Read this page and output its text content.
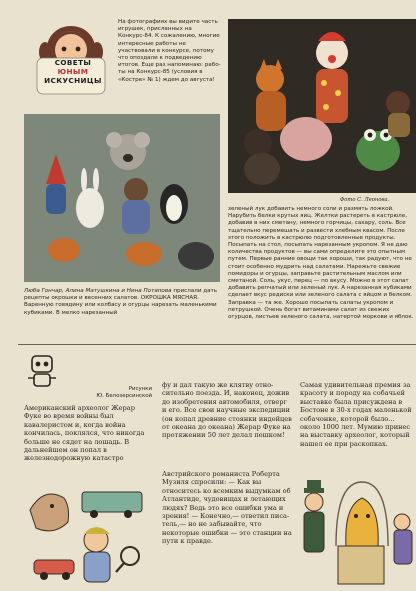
СОВЕТЫ
ЮНЫМ
ИСКУСНИЦЫ
На фотографиях вы видите часть игрушек, присланных на Конкурс-84. К сожалению, многие интересные работы не участвовали в конкурсе, потому что опоздали к подведению итогов. Еще раз напоминаю: работы на Конкурс-85 (условия в «Костре» № 1) ждем до августа!
Фото С. Леонова.
зеленый лук добавить немного соли и размять ложкой. Нарубить белки крутых яиц. Желтки растереть в кастрюле, добавив в них сметану, немного горчицы, сахару, соль. Все тщательно перемешать и развести хлебным квасом. После этого положить в кастрюлю подготовленные продукты. Посыпать на стол, посыпать нарезанным укропом. Я не даю количества продуктов — вы сами определите это опытным путем. Первые ранние овощи так хороши, так радуют, что не стоит особенно мудрить над салатами. Нарежьте свежие помидоры и огурцы, заправьте растительным маслом или сметаной. Соль, укус, перец — по вкусу. Можно в этот салат добавить репчатый или зеленый лук. А нарезанная кубиками сделает вкус редиски или зеленого салата с яйцом и белком. Заправка — та же. Хорошо посыпать салаты укропом и петрушкой. Очень богат витаминами салат из свежих огурцов, листьев зеленого салата, натертой моркови и яблок.
Люба Гончар, Алина Матушкина и Нина Потапова прислали дать рецепты окрошки и весенних салатов. ОКРОШКА МЯСНАЯ. Варенную говядину или колбасу и огурцы нарезать маленькими кубиками. В мелко нарезанный
Рисунки
Ю. Белозерсинской
Американский археолог Жерар Фуке во время войны был кавалеристом и, когда война кончилась, поклялся, что никогда больше не сядет на лошадь. В дальнейшем он попал в железнодорожную катастро
фу и дал такую же клятву относительно поезда. И, наконец, дожив до изобретения автомобиля, отверг и его. Все свои научные экспедиции (он копал древние стоянки индейцев от океана до океана) Жерар Фуке на протяжении 50 лет делал пешком!
Австрийского романиста Роберта Музиля спросили: — Как вы относитесь ко всемким выдумкам об Атлантиде, чудовищах и летающих людях? Ведь это все ошибки ума и зрения! — Конечно,— ответил писатель,— но не забывайте, что некоторые ошибки — это станции на пути к правде.
Самая удивительная премия за красоту и породу на собачьей выставке была присуждена в Бостоне в 30-х годах маленькой собачонке, которой было... около 1000 лет. Мумию принес на выставку археолог, который нашел ее при раскопках.
